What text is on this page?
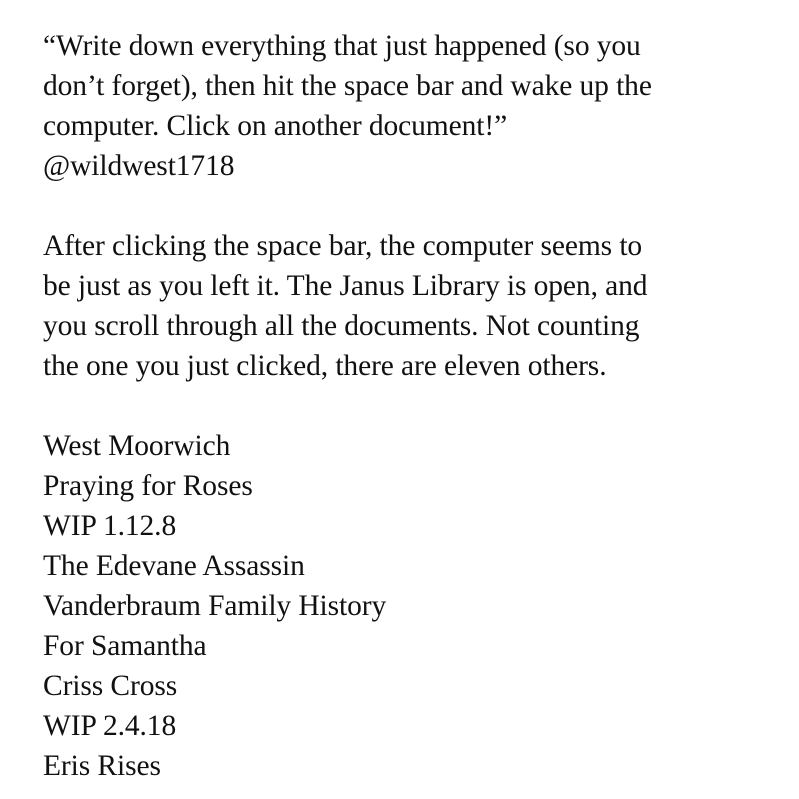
“Write down everything that just happened (so you
don’t forget), then hit the space bar and wake up the
computer. Click on another document!”
@wildwest1718
After clicking the space bar, the computer seems to
be just as you left it. The Janus Library is open, and
you scroll through all the documents. Not counting
the one you just clicked, there are eleven others.
West Moorwich
Praying for Roses
WIP 1.12.8
The Edevane Assassin
Vanderbraum Family History
For Samantha
Criss Cross
WIP 2.4.18
Eris Rises
